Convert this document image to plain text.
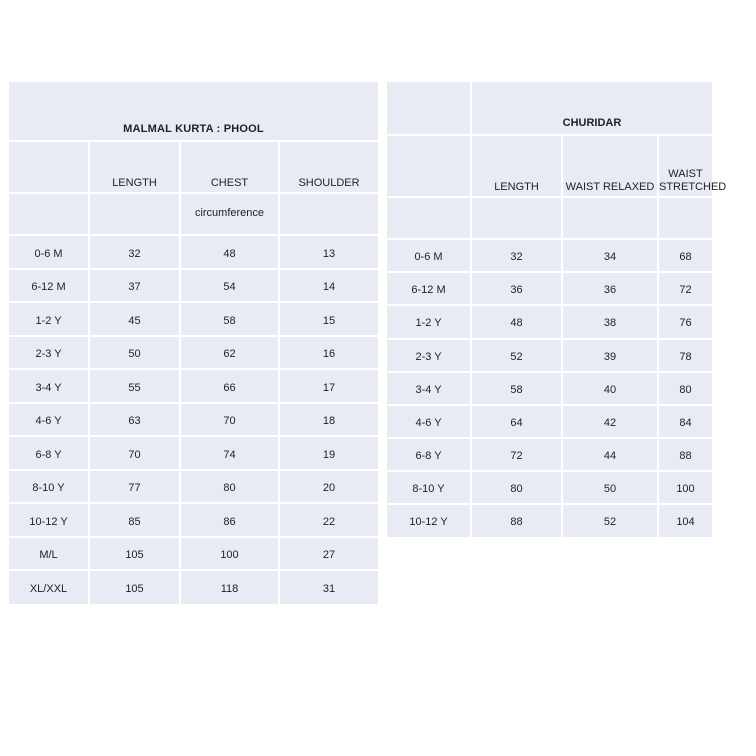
MALMAL KURTA : PHOOL			
	LENGTH	CHEST	SHOULDER
		circumference	
0-6 M	32	48	13
6-12 M	37	54	14
1-2 Y	45	58	15
2-3 Y	50	62	16
3-4 Y	55	66	17
4-6 Y	63	70	18
6-8 Y	70	74	19
8-10 Y	77	80	20
10-12 Y	85	86	22
M/L	105	100	27
XL/XXL	105	118	31
	CHURIDAR		
	LENGTH	WAIST RELAXED	WAIST STRETCHED

0-6 M	32	34	68
6-12 M	36	36	72
1-2 Y	48	38	76
2-3 Y	52	39	78
3-4 Y	58	40	80
4-6 Y	64	42	84
6-8 Y	72	44	88
8-10 Y	80	50	100
10-12 Y	88	52	104
